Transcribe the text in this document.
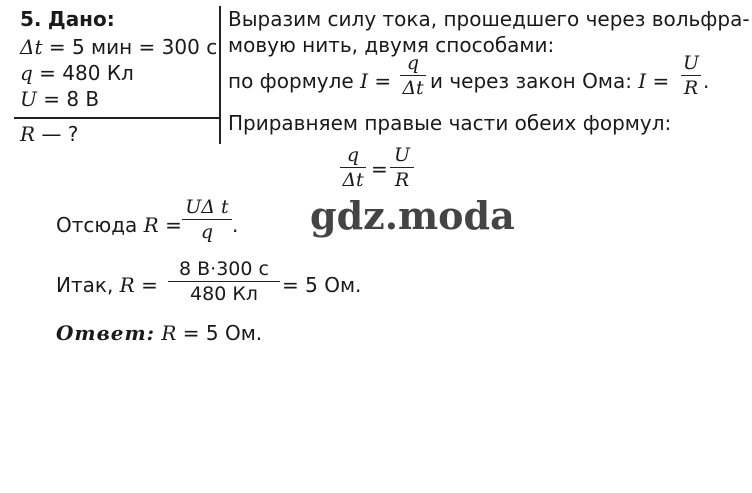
5. Дано:
Δt = 5 мин = 300 с
q = 480 Кл
U = 8 В
R — ?
Выразим силу тока, прошедшего через вольфра-
мовую нить, двумя способами:
по формуле I =
q
Δt и через закон Ома: I =
U
R .
Приравняем правые части обеих формул:
q
Δt =
U
R
gdz.moda
Отсюда R =
UΔ t
q .
Итак, R =
8 В·300 с
480 Кл	= 5 Ом.
Ответ: R = 5 Ом.
